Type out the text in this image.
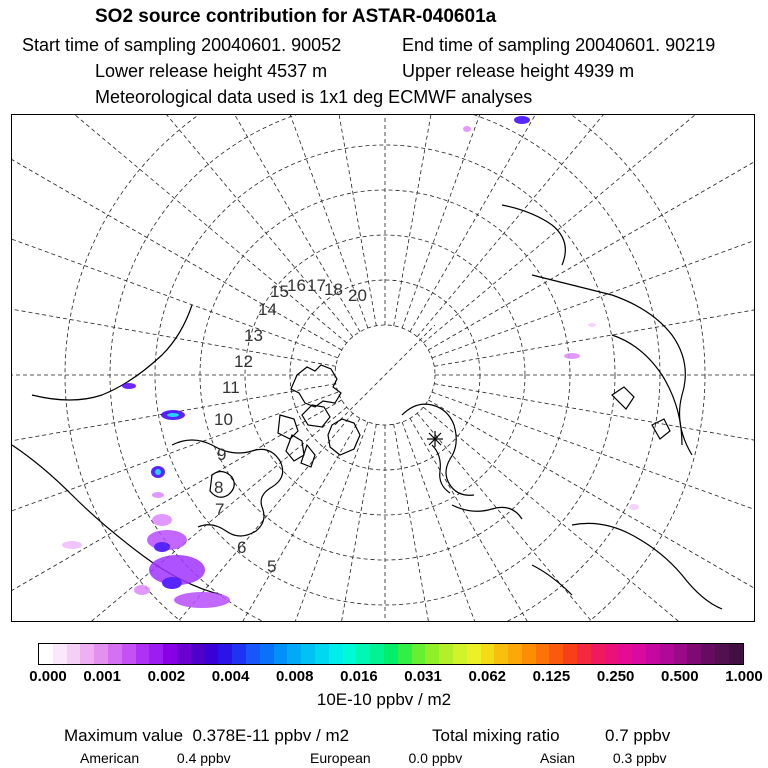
SO2 source contribution for ASTAR-040601a
Start time of sampling 20040601. 90052	End time of sampling 20040601. 90219
Lower release height 4537 m	Upper release height 4939 m
Meteorological data used is 1x1 deg ECMWF analyses
5
6
7
8
9
10
11
12
13
14
15
16 17
18 20
0.000 0.001 0.002 0.004 0.008 0.016 0.031 0.062 0.125 0.250 0.500 1.000
10E-10 ppbv / m2
Maximum value 0.378E-11 ppbv / m2	Total mixing ratio	0.7 ppbv
American	0.4 ppbv	European	0.0 ppbv	Asian	0.3 ppbv
